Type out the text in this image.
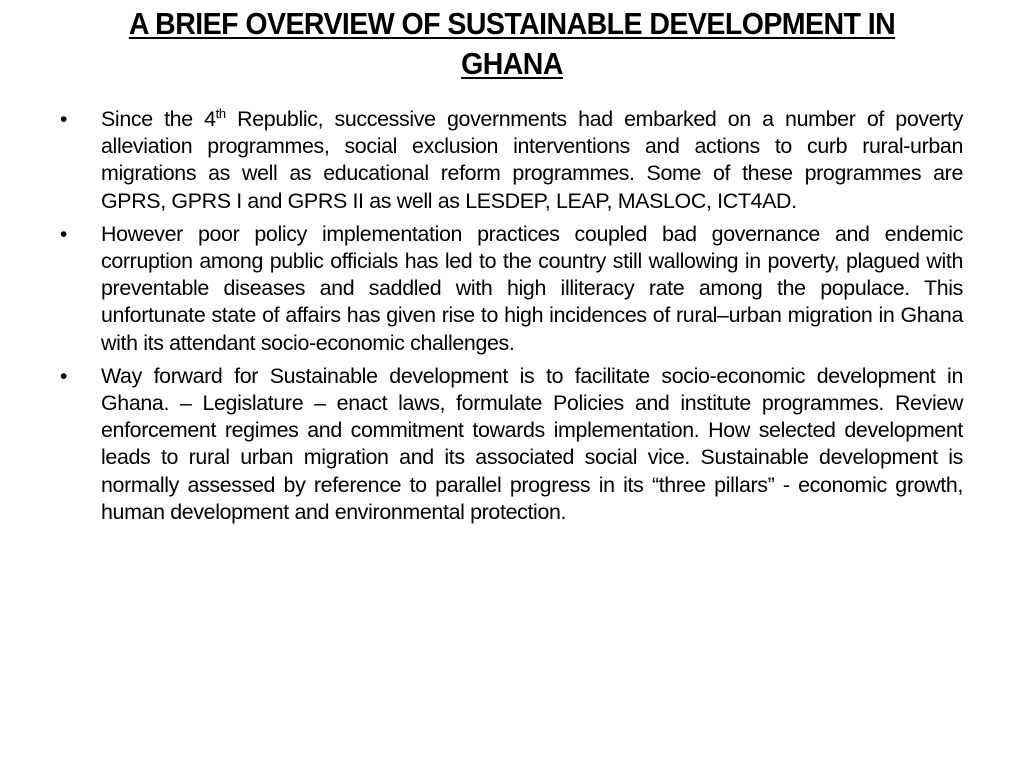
A BRIEF OVERVIEW OF SUSTAINABLE DEVELOPMENT IN GHANA
•	Since the 4th Republic, successive governments had embarked on a number of poverty alleviation programmes, social exclusion interventions and actions to curb rural-urban migrations as well as educational reform programmes. Some of these programmes are GPRS, GPRS I and GPRS II as well as LESDEP, LEAP, MASLOC, ICT4AD.
•	However poor policy implementation practices coupled bad governance and endemic corruption among public officials has led to the country still wallowing in poverty, plagued with preventable diseases and saddled with high illiteracy rate among the populace. This unfortunate state of affairs has given rise to high incidences of rural–urban migration in Ghana with its attendant socio-economic challenges.
•	Way forward for Sustainable development is to facilitate socio-economic development in Ghana. – Legislature – enact laws, formulate Policies and institute programmes. Review enforcement regimes and commitment towards implementation. How selected development leads to rural urban migration and its associated social vice. Sustainable development is normally assessed by reference to parallel progress in its “three pillars” - economic growth, human development and environmental protection.
